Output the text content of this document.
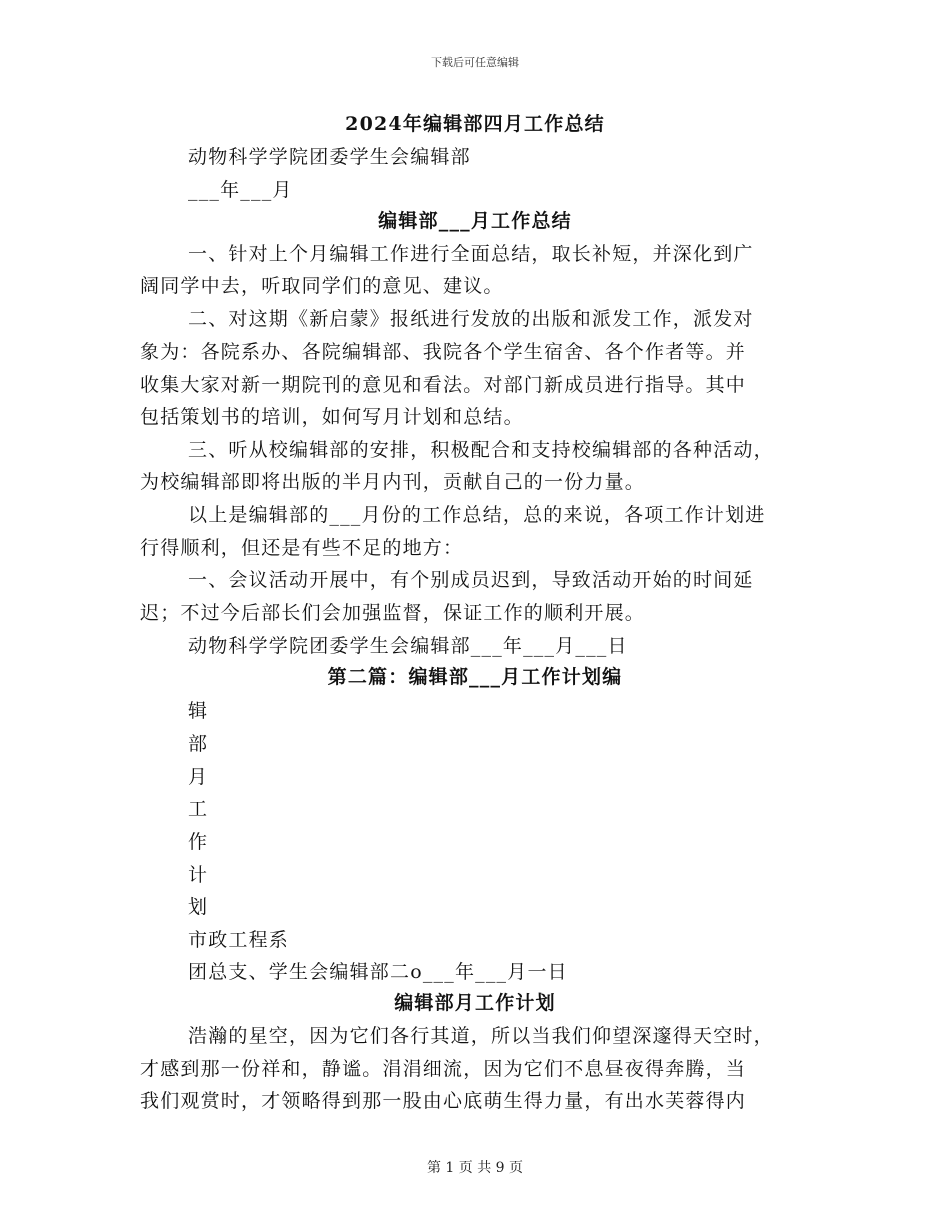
下载后可任意编辑
2024年编辑部四月工作总结
动物科学学院团委学生会编辑部
___年___月
编辑部___月工作总结
一、针对上个月编辑工作进行全面总结，取长补短，并深化到广
阔同学中去，听取同学们的意见、建议。
二、对这期《新启蒙》报纸进行发放的出版和派发工作，派发对
象为：各院系办、各院编辑部、我院各个学生宿舍、各个作者等。并
收集大家对新一期院刊的意见和看法。对部门新成员进行指导。其中
包括策划书的培训，如何写月计划和总结。
三、听从校编辑部的安排，积极配合和支持校编辑部的各种活动，
为校编辑部即将出版的半月内刊，贡献自己的一份力量。
以上是编辑部的___月份的工作总结，总的来说，各项工作计划进
行得顺利，但还是有些不足的地方：
一、会议活动开展中，有个别成员迟到，导致活动开始的时间延
迟；不过今后部长们会加强监督，保证工作的顺利开展。
动物科学学院团委学生会编辑部___年___月___日
第二篇：编辑部___月工作计划编
辑
部
月
工
作
计
划
市政工程系
团总支、学生会编辑部二o___年___月一日
编辑部月工作计划
浩瀚的星空，因为它们各行其道，所以当我们仰望深邃得天空时，
才感到那一份祥和，静谧。涓涓细流，因为它们不息昼夜得奔腾，当
我们观赏时，才领略得到那一股由心底萌生得力量，有出水芙蓉得内
第 1 页 共 9 页
